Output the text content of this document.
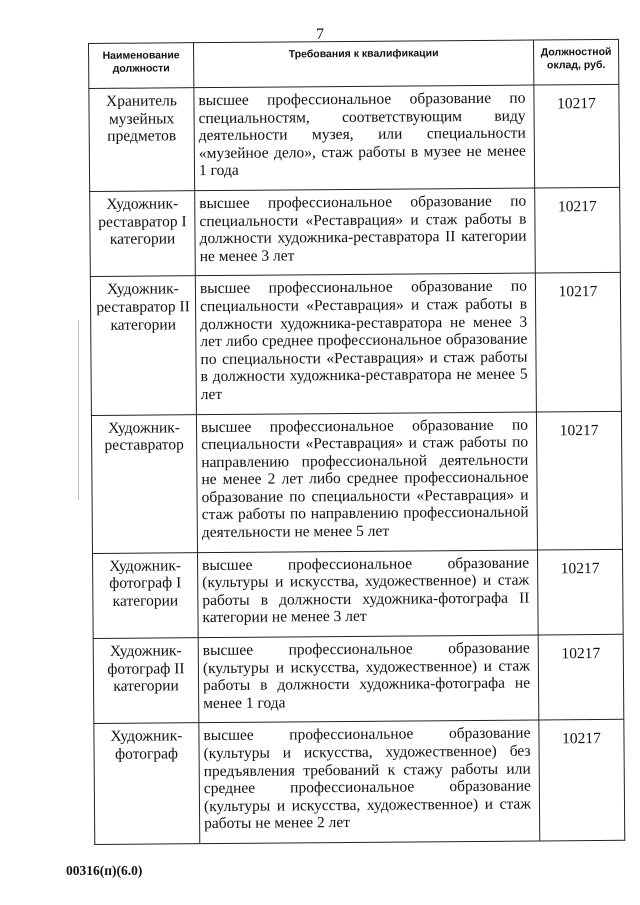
7
Наименование должности	Требования к квалификации	Должностной оклад, руб.
Хранитель музейных предметов	высшее профессиональное образование по специальностям, соответствующим виду деятельности музея, или специальности «музейное дело», стаж работы в музее не менее 1 года	10217
Художник-реставратор I категории	высшее профессиональное образование по специальности «Реставрация» и стаж работы в должности художника-реставратора II категории не менее 3 лет	10217
Художник-реставратор II категории	высшее профессиональное образование по специальности «Реставрация» и стаж работы в должности художника-реставратора не менее 3 лет либо среднее профессиональное образование по специальности «Реставрация» и стаж работы в должности художника-реставратора не менее 5 лет	10217
Художник-реставратор	высшее профессиональное образование по специальности «Реставрация» и стаж работы по направлению профессиональной деятельности не менее 2 лет либо среднее профессиональное образование по специальности «Реставрация» и стаж работы по направлению профессиональной деятельности не менее 5 лет	10217
Художник-фотограф I категории	высшее профессиональное образование (культуры и искусства, художественное) и стаж работы в должности художника-фотографа II категории не менее 3 лет	10217
Художник-фотограф II категории	высшее профессиональное образование (культуры и искусства, художественное) и стаж работы в должности художника-фотографа не менее 1 года	10217
Художник-фотограф	высшее профессиональное образование (культуры и искусства, художественное) без предъявления требований к стажу работы или среднее профессиональное образование (культуры и искусства, художественное) и стаж работы не менее 2 лет	10217
00316(п)(6.0)
